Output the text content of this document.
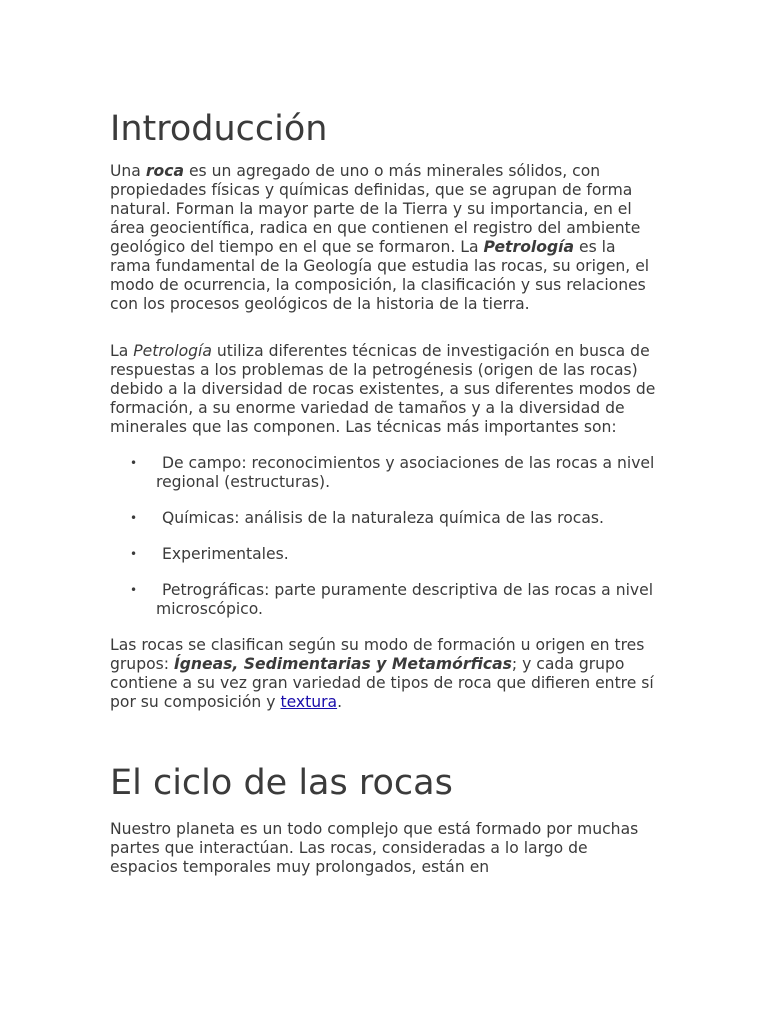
Introducción

Una roca es un agregado de uno o más minerales sólidos, con propiedades físicas y químicas definidas, que se agrupan de forma natural. Forman la mayor parte de la Tierra y su importancia, en el área geocientífica, radica en que contienen el registro del ambiente geológico del tiempo en el que se formaron. La Petrología es la rama fundamental de la Geología que estudia las rocas, su origen, el modo de ocurrencia, la composición, la clasificación y sus relaciones con los procesos geológicos de la historia de la tierra.

La Petrología utiliza diferentes técnicas de investigación en busca de respuestas a los problemas de la petrogénesis (origen de las rocas) debido a la diversidad de rocas existentes, a sus diferentes modos de formación, a su enorme variedad de tamaños y a la diversidad de minerales que las componen. Las técnicas más importantes son:

• De campo: reconocimientos y asociaciones de las rocas a nivel regional (estructuras).
• Químicas: análisis de la naturaleza química de las rocas.
• Experimentales.
• Petrográficas: parte puramente descriptiva de las rocas a nivel microscópico.

Las rocas se clasifican según su modo de formación u origen en tres grupos: Ígneas, Sedimentarias y Metamórficas; y cada grupo contiene a su vez gran variedad de tipos de roca que difieren entre sí por su composición y textura.

El ciclo de las rocas

Nuestro planeta es un todo complejo que está formado por muchas partes que interactúan. Las rocas, consideradas a lo largo de espacios temporales muy prolongados, están en
